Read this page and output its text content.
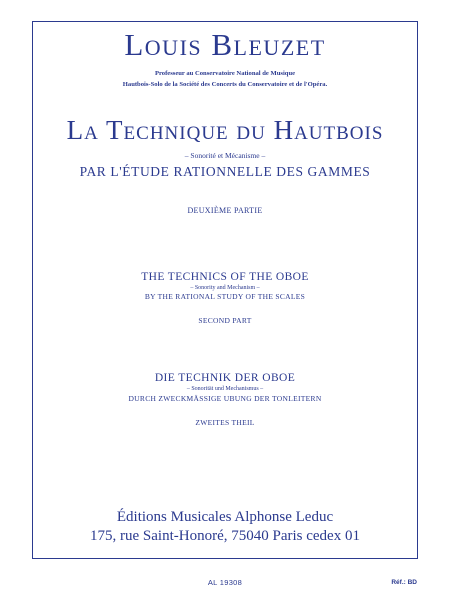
Louis Bleuzet
Professeur au Conservatoire National de Musique
Hautbois-Solo de la Société des Concerts du Conservatoire et de l'Opéra.
La Technique du Hautbois
– Sonorité et Mécanisme –
PAR L'ÉTUDE RATIONNELLE DES GAMMES
DEUXIÈME PARTIE
THE TECHNICS OF THE OBOE
– Sonority and Mechanism –
BY THE RATIONAL STUDY OF THE SCALES
SECOND PART
DIE TECHNIK DER OBOE
– Sonorität und Mechanismus –
DURCH ZWECKMÄSSIGE UBUNG DER TONLEITERN
ZWEITES THEIL
Éditions Musicales Alphonse Leduc
175, rue Saint-Honoré, 75040 Paris cedex 01
AL 19308	Réf.: BD
